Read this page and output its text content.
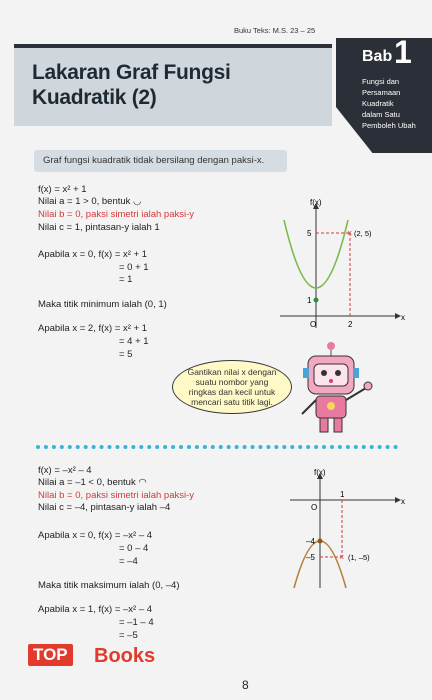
Buku Teks: M.S. 23 – 25
Lakaran Graf Fungsi
Kuadratik (2)
Bab 1
Fungsi dan
Persamaan Kuadratik
dalam Satu
Pemboleh Ubah
Graf fungsi kuadratik tidak bersilang dengan paksi-x.
f(x) = x² + 1
Nilai a = 1 > 0, bentuk ◡
Nilai b = 0, paksi simetri ialah paksi-y
Nilai c = 1, pintasan-y ialah 1
Apabila x = 0, f(x) = x² + 1
= 0 + 1
= 1
Maka titik minimum ialah (0, 1)
Apabila x = 2, f(x) = x² + 1
= 4 + 1
= 5
×
f(x)
x
O
5
1
2
(2, 5)
Gantikan nilai x dengan suatu nombor yang ringkas dan kecil untuk mencari satu titik lagi.
f(x) = –x² – 4
Nilai a = –1 < 0, bentuk ◠
Nilai b = 0, paksi simetri ialah paksi-y
Nilai c = –4, pintasan-y ialah –4
Apabila x = 0, f(x) = –x² – 4
= 0 – 4
= –4
Maka titik maksimum ialah (0, –4)
Apabila x = 1, f(x) = –x² – 4
= –1 – 4
= –5
×
f(x)
x
O
–4
–5
1
(1, –5)
TOP Books
8
